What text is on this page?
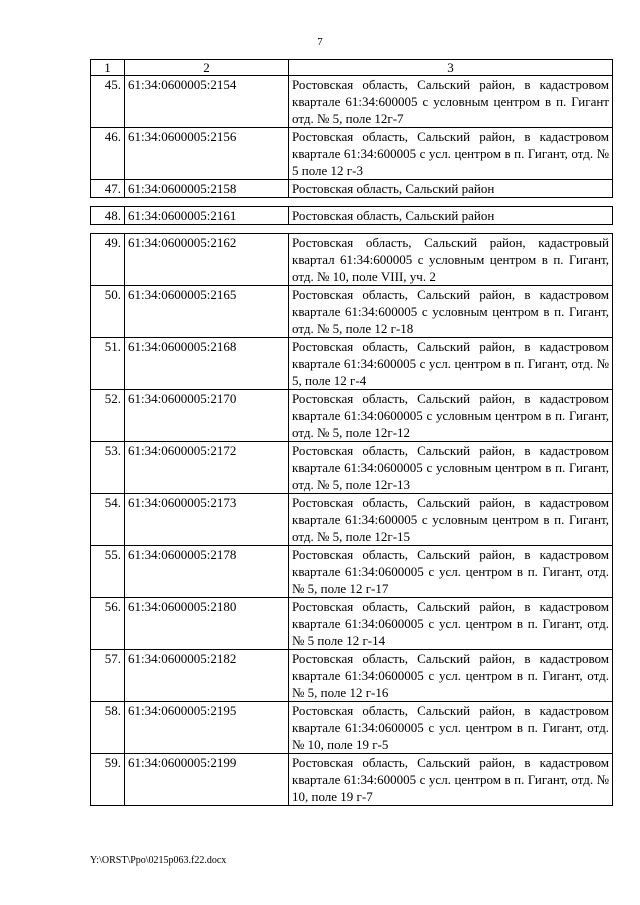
7
1	2	3
45.	61:34:0600005:2154	Ростовская область, Сальский район, в кадастровом квартале 61:34:600005 с условным центром в п. Гигант отд. № 5, поле 12г-7
46.	61:34:0600005:2156	Ростовская область, Сальский район, в кадастровом квартале 61:34:600005 с усл. центром в п. Гигант, отд. № 5 поле 12 г-3
47.	61:34:0600005:2158	Ростовская область, Сальский район

48.	61:34:0600005:2161	Ростовская область, Сальский район

49.	61:34:0600005:2162	Ростовская область, Сальский район, кадастровый квартал 61:34:600005 с условным центром в п. Гигант, отд. № 10, поле VIII, уч. 2
50.	61:34:0600005:2165	Ростовская область, Сальский район, в кадастровом квартале 61:34:600005 с условным центром в п. Гигант, отд. № 5, поле 12 г-18
51.	61:34:0600005:2168	Ростовская область, Сальский район, в кадастровом квартале 61:34:600005 с усл. центром в п. Гигант, отд. № 5, поле 12 г-4
52.	61:34:0600005:2170	Ростовская область, Сальский район, в кадастровом квартале 61:34:0600005 с условным центром в п. Гигант, отд. № 5, поле 12г-12
53.	61:34:0600005:2172	Ростовская область, Сальский район, в кадастровом квартале 61:34:0600005 с условным центром в п. Гигант, отд. № 5, поле 12г-13
54.	61:34:0600005:2173	Ростовская область, Сальский район, в кадастровом квартале 61:34:600005 с условным центром в п. Гигант, отд. № 5, поле 12г-15
55.	61:34:0600005:2178	Ростовская область, Сальский район, в кадастровом квартале 61:34:0600005 с усл. центром в п. Гигант, отд. № 5, поле 12 г-17
56.	61:34:0600005:2180	Ростовская область, Сальский район, в кадастровом квартале 61:34:0600005 с усл. центром в п. Гигант, отд. № 5 поле 12 г-14
57.	61:34:0600005:2182	Ростовская область, Сальский район, в кадастровом квартале 61:34:0600005 с усл. центром в п. Гигант, отд. № 5, поле 12 г-16
58.	61:34:0600005:2195	Ростовская область, Сальский район, в кадастровом квартале 61:34:0600005 с усл. центром в п. Гигант, отд. № 10, поле 19 г-5
59.	61:34:0600005:2199	Ростовская область, Сальский район, в кадастровом квартале 61:34:600005 с усл. центром в п. Гигант, отд. № 10, поле 19 г-7
Y:\ORST\Ppo\0215p063.f22.docx
